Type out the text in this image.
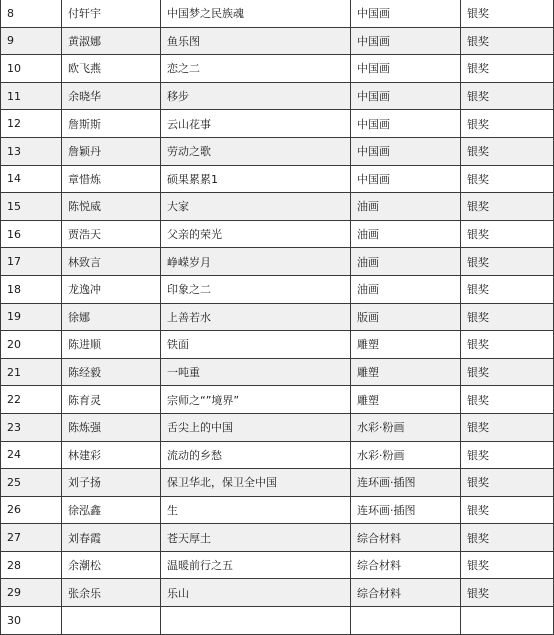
8	付轩宇	中国梦之民族魂	中国画	银奖
9	黄淑娜	鱼乐图	中国画	银奖
10	欧飞燕	恋之二	中国画	银奖
11	余晓华	移步	中国画	银奖
12	詹斯斯	云山花事	中国画	银奖
13	詹颖丹	劳动之歌	中国画	银奖
14	章惜炼	硕果累累1	中国画	银奖
15	陈悦威	大家	油画	银奖
16	贾浩天	父亲的荣光	油画	银奖
17	林致言	峥嵘岁月	油画	银奖
18	龙逸冲	印象之二	油画	银奖
19	徐娜	上善若水	版画	银奖
20	陈进顺	铁面	雕塑	银奖
21	陈经毅	一吨重	雕塑	银奖
22	陈育灵	宗师之“”境界”	雕塑	银奖
23	陈炼强	舌尖上的中国	水彩·粉画	银奖
24	林建彩	流动的乡愁	水彩·粉画	银奖
25	刘子扬	保卫华北，保卫全中国	连环画·插图	银奖
26	徐泓鑫	生	连环画·插图	银奖
27	刘春霞	苍天厚土	综合材料	银奖
28	余潮松	温暖前行之五	综合材料	银奖
29	张余乐	乐山	综合材料	银奖
30				
